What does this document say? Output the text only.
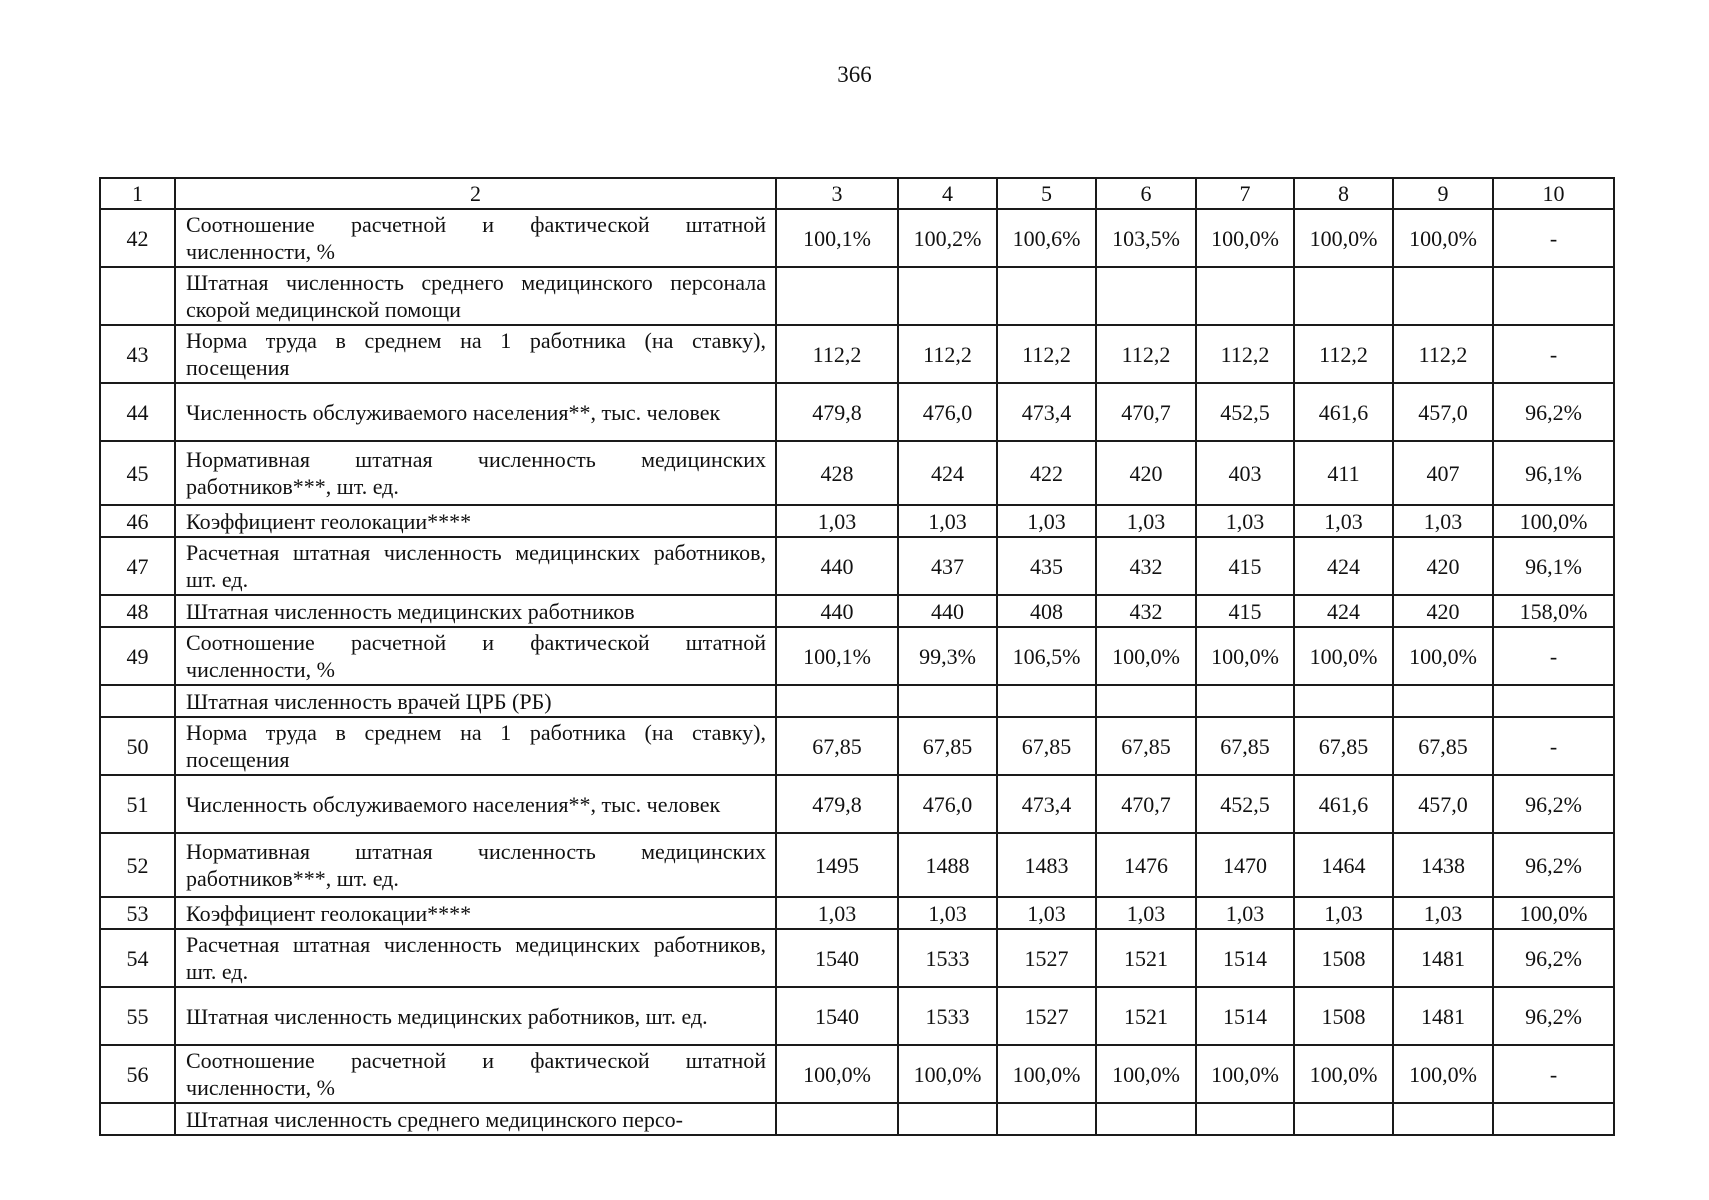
366
1	2	3	4	5	6	7	8	9	10
42	Соотношение расчетной и фактической штатной численности, %	100,1%	100,2%	100,6%	103,5%	100,0%	100,0%	100,0%	-
	Штатная численность среднего медицинского персонала скорой медицинской помощи								
43	Норма труда в среднем на 1 работника (на ставку), посещения	112,2	112,2	112,2	112,2	112,2	112,2	112,2	-
44	Численность обслуживаемого населения**, тыс. человек	479,8	476,0	473,4	470,7	452,5	461,6	457,0	96,2%
45	Нормативная штатная численность медицинских работников***, шт. ед.	428	424	422	420	403	411	407	96,1%
46	Коэффициент геолокации****	1,03	1,03	1,03	1,03	1,03	1,03	1,03	100,0%
47	Расчетная штатная численность медицинских работников, шт. ед.	440	437	435	432	415	424	420	96,1%
48	Штатная численность медицинских работников	440	440	408	432	415	424	420	158,0%
49	Соотношение расчетной и фактической штатной численности, %	100,1%	99,3%	106,5%	100,0%	100,0%	100,0%	100,0%	-
	Штатная численность врачей ЦРБ (РБ)								
50	Норма труда в среднем на 1 работника (на ставку), посещения	67,85	67,85	67,85	67,85	67,85	67,85	67,85	-
51	Численность обслуживаемого населения**, тыс. человек	479,8	476,0	473,4	470,7	452,5	461,6	457,0	96,2%
52	Нормативная штатная численность медицинских работников***, шт. ед.	1495	1488	1483	1476	1470	1464	1438	96,2%
53	Коэффициент геолокации****	1,03	1,03	1,03	1,03	1,03	1,03	1,03	100,0%
54	Расчетная штатная численность медицинских работников, шт. ед.	1540	1533	1527	1521	1514	1508	1481	96,2%
55	Штатная численность медицинских работников, шт. ед.	1540	1533	1527	1521	1514	1508	1481	96,2%
56	Соотношение расчетной и фактической штатной численности, %	100,0%	100,0%	100,0%	100,0%	100,0%	100,0%	100,0%	-
	Штатная численность среднего медицинского персо-								
